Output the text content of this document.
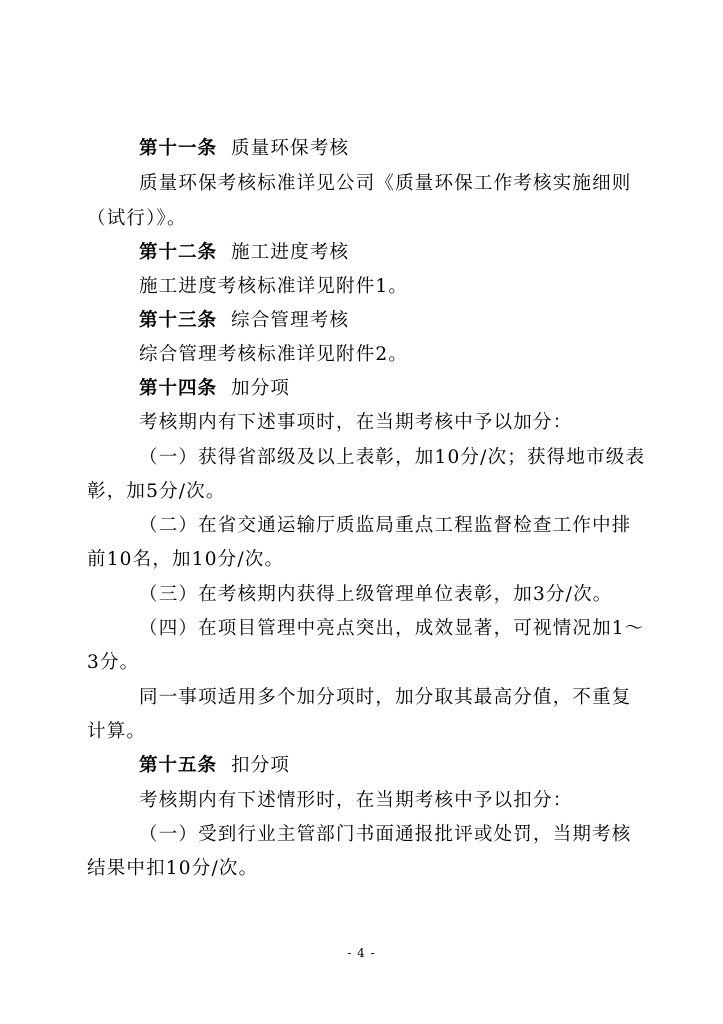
第十一条 质量环保考核
质量环保考核标准详见公司《质量环保工作考核实施细则
（试行）》。
第十二条 施工进度考核
施工进度考核标准详见附件1。
第十三条 综合管理考核
综合管理考核标准详见附件2。
第十四条 加分项
考核期内有下述事项时，在当期考核中予以加分：
（一）获得省部级及以上表彰，加10分/次；获得地市级表
彰，加5分/次。
（二）在省交通运输厅质监局重点工程监督检查工作中排
前10名，加10分/次。
（三）在考核期内获得上级管理单位表彰，加3分/次。
（四）在项目管理中亮点突出，成效显著，可视情况加1～
3分。
同一事项适用多个加分项时，加分取其最高分值，不重复
计算。
第十五条 扣分项
考核期内有下述情形时，在当期考核中予以扣分：
（一）受到行业主管部门书面通报批评或处罚，当期考核
结果中扣10分/次。
- 4 -
